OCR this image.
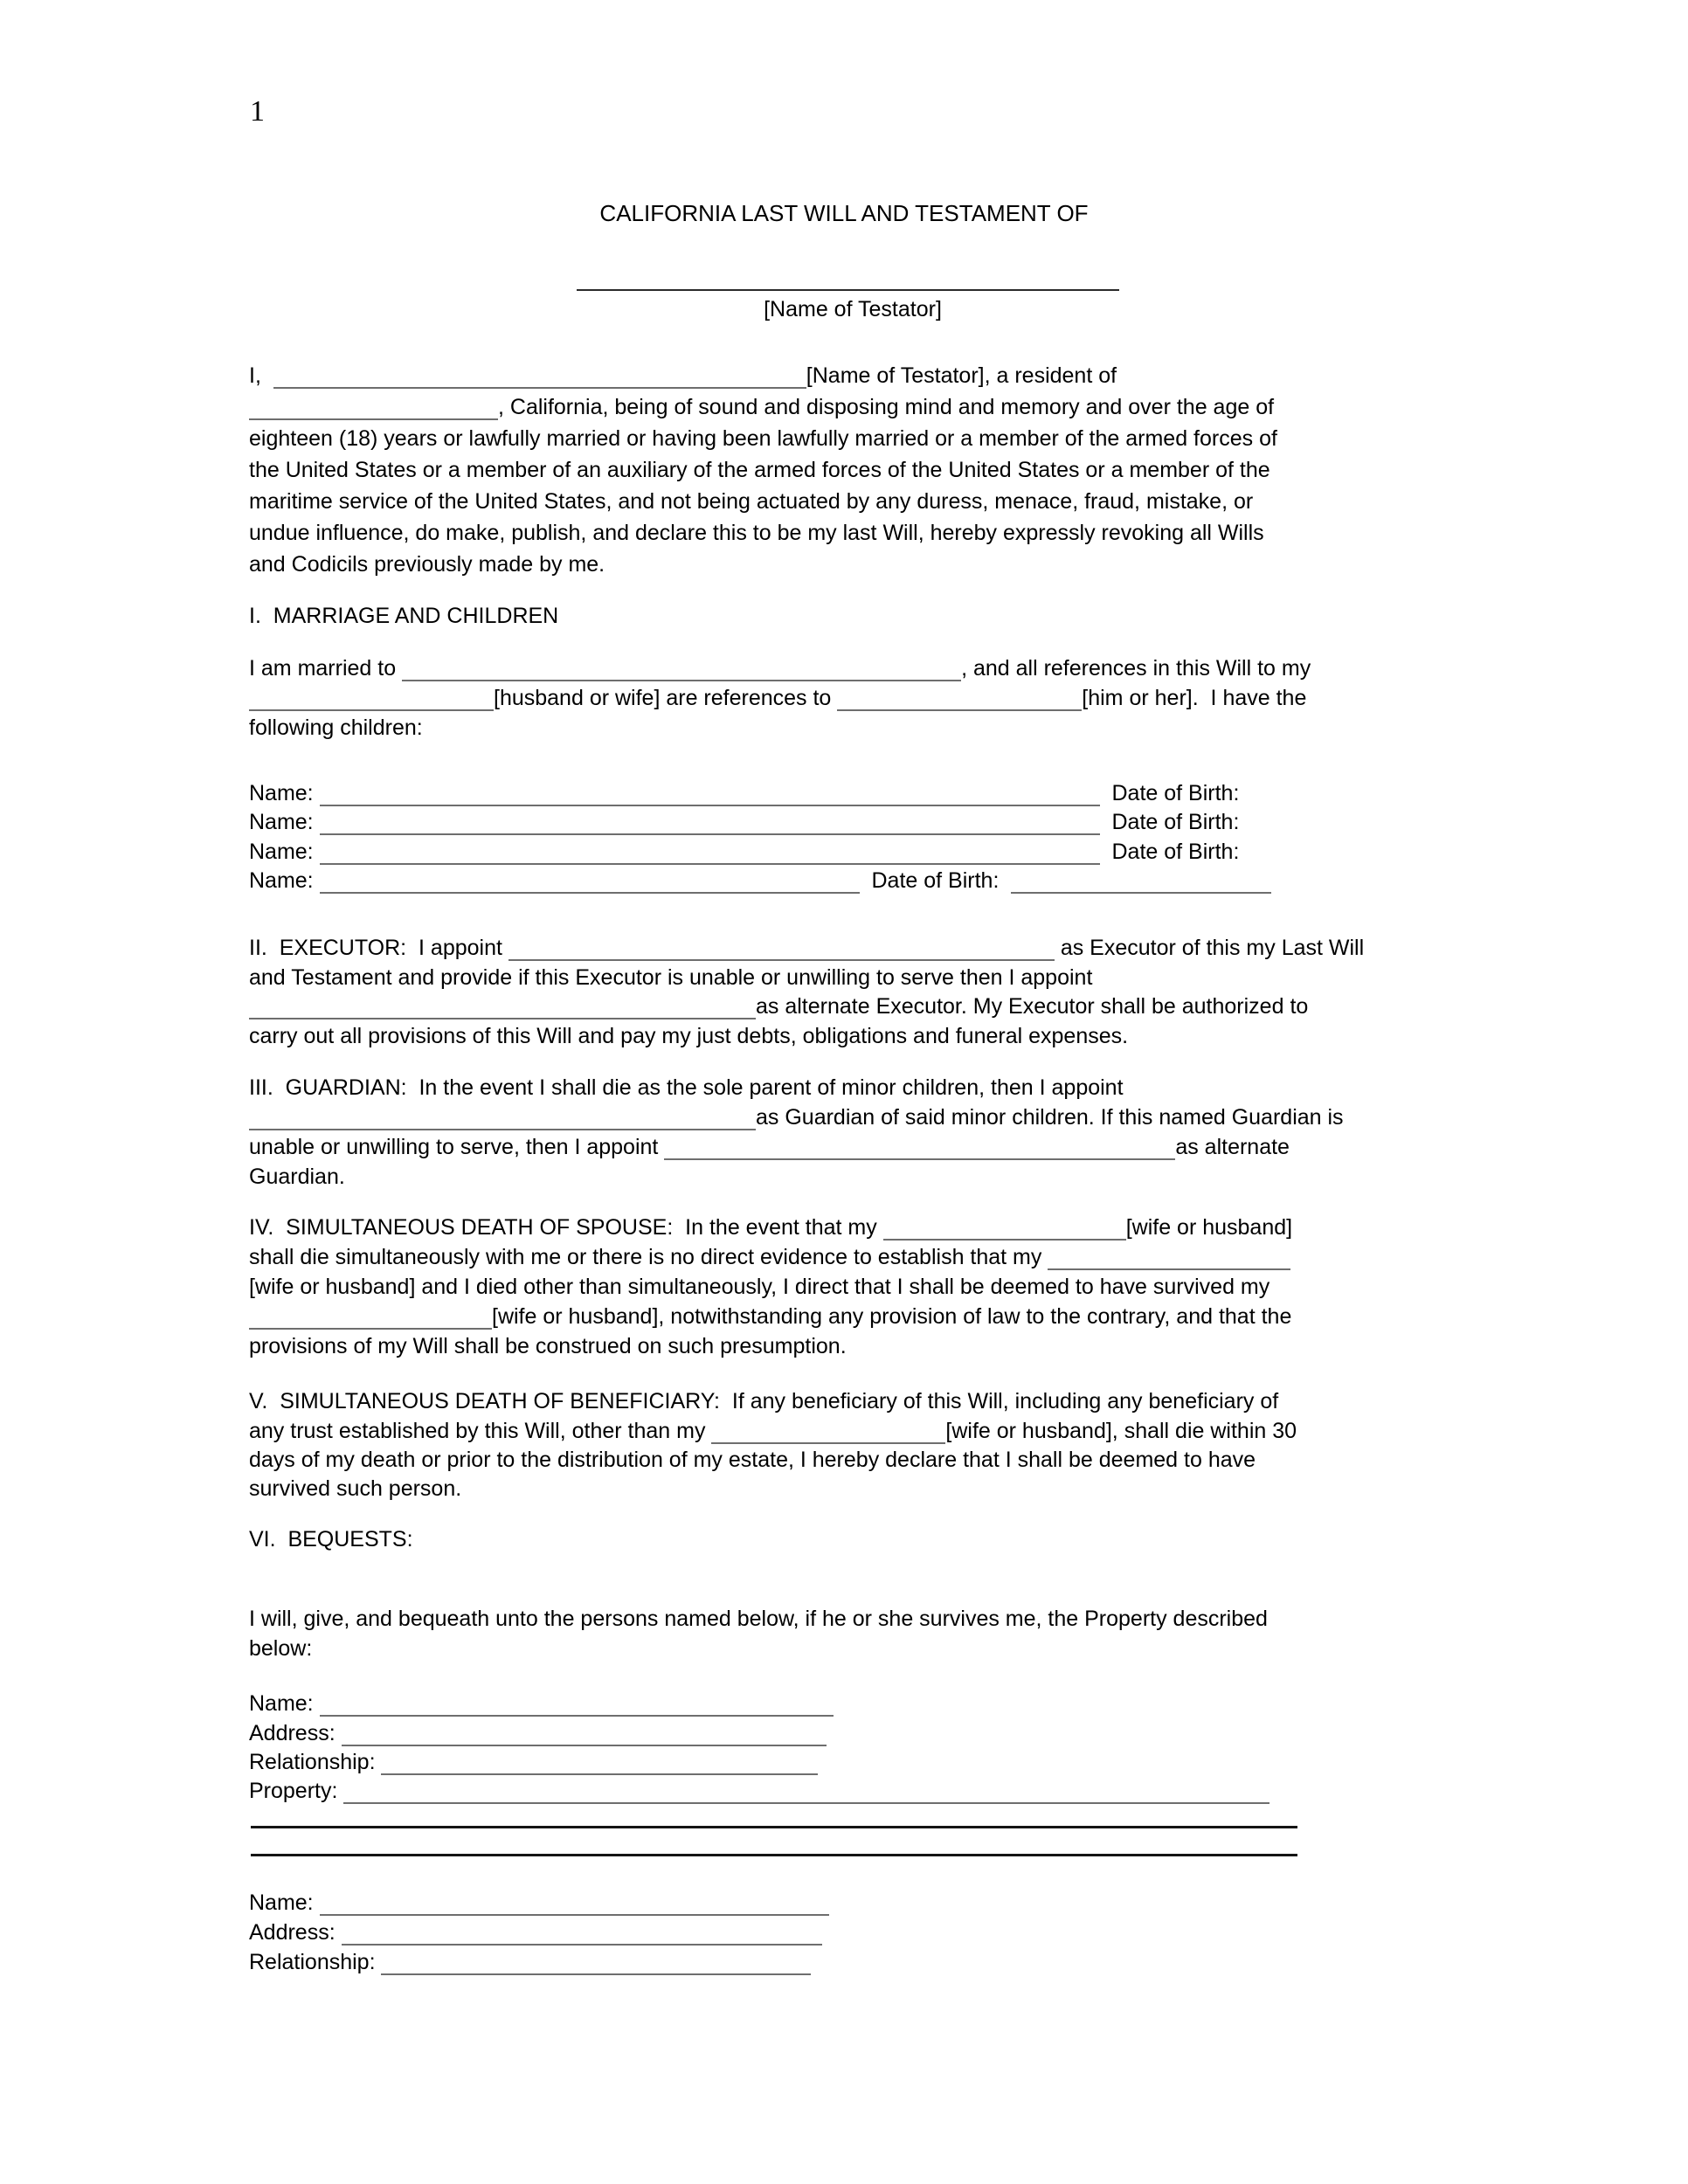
1
CALIFORNIA LAST WILL AND TESTAMENT OF
[Name of Testator]
I,	[Name of Testator], a resident of
, California, being of sound and disposing mind and memory and over the age of
eighteen (18) years or lawfully married or having been lawfully married or a member of the armed forces of
the United States or a member of an auxiliary of the armed forces of the United States or a member of the
maritime service of the United States, and not being actuated by any duress, menace, fraud, mistake, or
undue influence, do make, publish, and declare this to be my last Will, hereby expressly revoking all Wills
and Codicils previously made by me.
I.  MARRIAGE AND CHILDREN
I am married to	, and all references in this Will to my
[husband or wife] are references to	[him or her].  I have the
following children:
Name:	Date of Birth:
Name:	Date of Birth:
Name:	Date of Birth:
Name:	Date of Birth:
II.  EXECUTOR:  I appoint	as Executor of this my Last Will
and Testament and provide if this Executor is unable or unwilling to serve then I appoint
as alternate Executor. My Executor shall be authorized to
carry out all provisions of this Will and pay my just debts, obligations and funeral expenses.
III.  GUARDIAN:  In the event I shall die as the sole parent of minor children, then I appoint
as Guardian of said minor children. If this named Guardian is
unable or unwilling to serve, then I appoint	as alternate
Guardian.
IV.  SIMULTANEOUS DEATH OF SPOUSE:  In the event that my	[wife or husband]
shall die simultaneously with me or there is no direct evidence to establish that my
[wife or husband] and I died other than simultaneously, I direct that I shall be deemed to have survived my
[wife or husband], notwithstanding any provision of law to the contrary, and that the
provisions of my Will shall be construed on such presumption.
V.  SIMULTANEOUS DEATH OF BENEFICIARY:  If any beneficiary of this Will, including any beneficiary of
any trust established by this Will, other than my	[wife or husband], shall die within 30
days of my death or prior to the distribution of my estate, I hereby declare that I shall be deemed to have
survived such person.
VI.  BEQUESTS:
I will, give, and bequeath unto the persons named below, if he or she survives me, the Property described
below:
Name:
Address:
Relationship:
Property:
Name:
Address:
Relationship:
